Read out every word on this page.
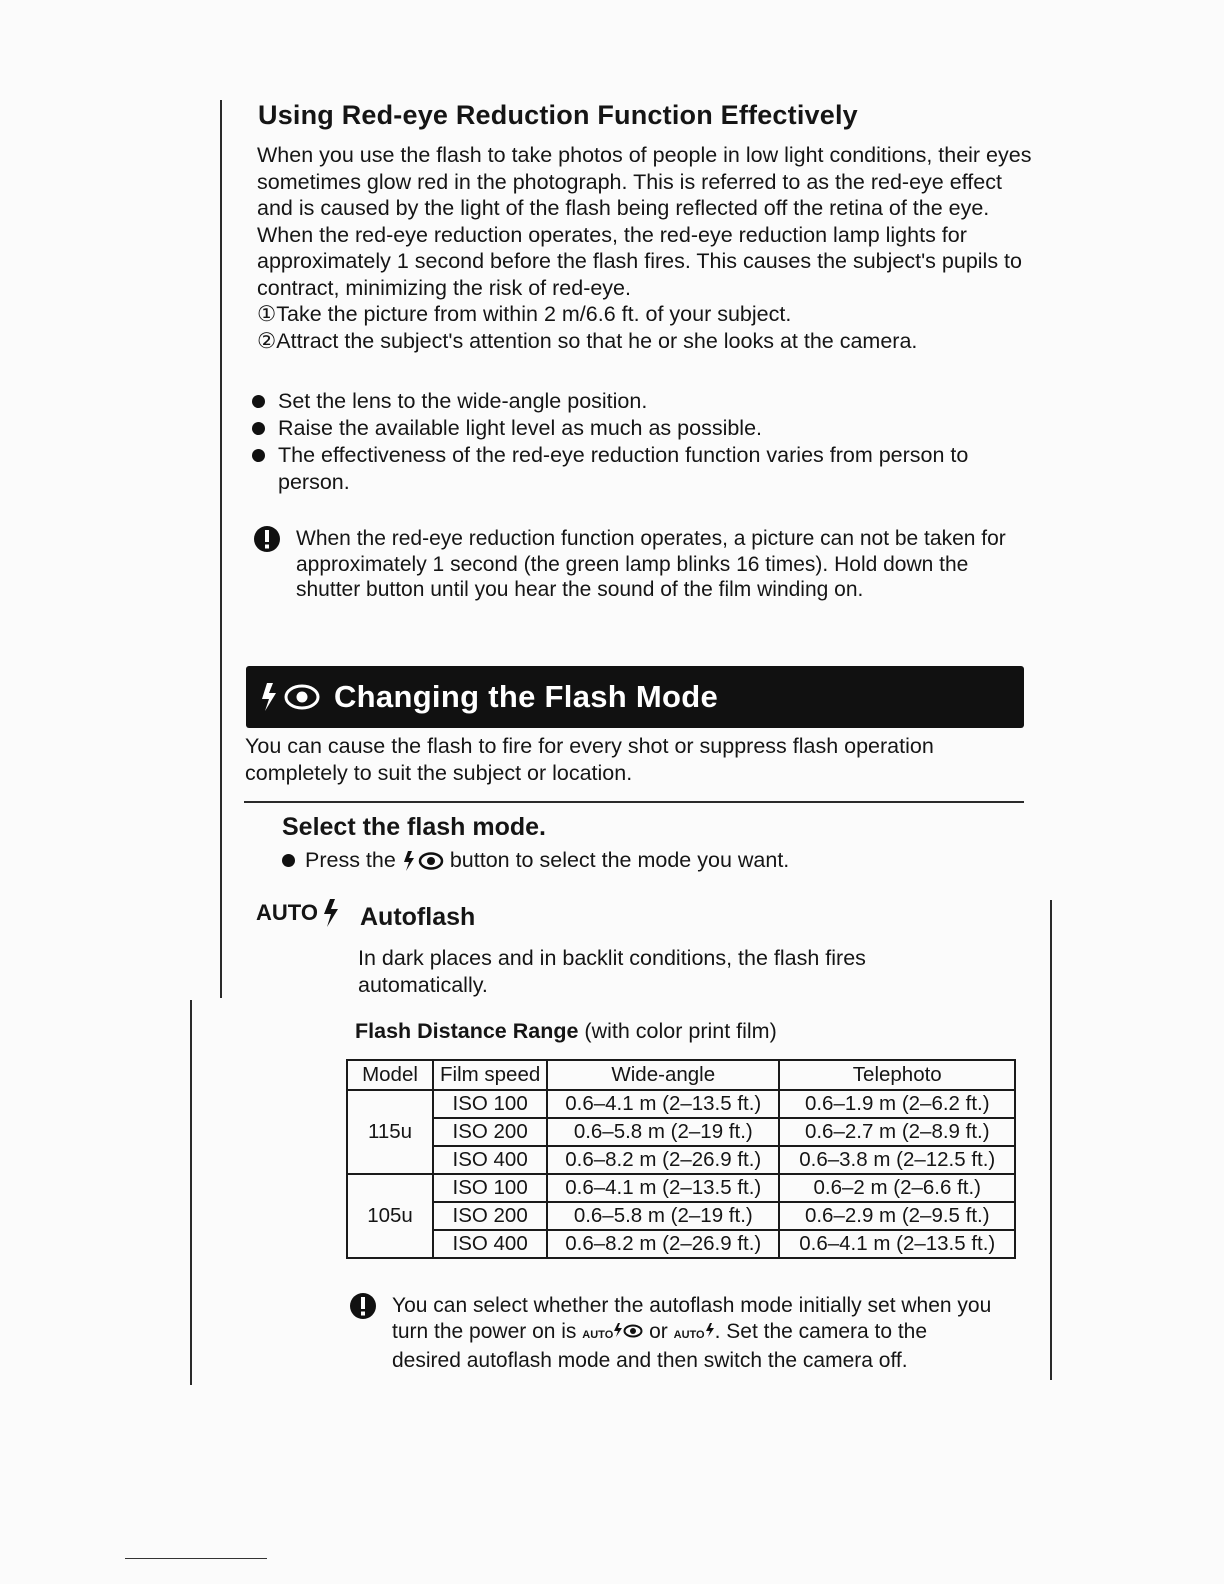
Using Red-eye Reduction Function Effectively

When you use the flash to take photos of people in low light conditions, their eyes sometimes glow red in the photograph. This is referred to as the red-eye effect and is caused by the light of the flash being reflected off the retina of the eye.

When the red-eye reduction operates, the red-eye reduction lamp lights for approximately 1 second before the flash fires. This causes the subject's pupils to contract, minimizing the risk of red-eye.

①Take the picture from within 2 m/6.6 ft. of your subject.

②Attract the subject's attention so that he or she looks at the camera.

Set the lens to the wide-angle position.
Raise the available light level as much as possible.
The effectiveness of the red-eye reduction function varies from person to person.
When the red-eye reduction function operates, a picture can not be taken for approximately 1 second (the green lamp blinks 16 times). Hold down the shutter button until you hear the sound of the film winding on.
Changing the Flash Mode
You can cause the flash to fire for every shot or suppress flash operation completely to suit the subject or location.
Select the flash mode.
Press the	button to select the mode you want.
AUTO Autoflash
In dark places and in backlit conditions, the flash fires automatically.
Flash Distance Range (with color print film)
Model	Film speed	Wide-angle	Telephoto
115u	ISO 100	0.6–4.1 m (2–13.5 ft.)	0.6–1.9 m (2–6.2 ft.)
	ISO 200	0.6–5.8 m (2–19 ft.)	0.6–2.7 m (2–8.9 ft.)
	ISO 400	0.6–8.2 m (2–26.9 ft.)	0.6–3.8 m (2–12.5 ft.)
105u	ISO 100	0.6–4.1 m (2–13.5 ft.)	0.6–2 m (2–6.6 ft.)
	ISO 200	0.6–5.8 m (2–19 ft.)	0.6–2.9 m (2–9.5 ft.)
	ISO 400	0.6–8.2 m (2–26.9 ft.)	0.6–4.1 m (2–13.5 ft.)
You can select whether the autoflash mode initially set when you turn the power on is AUTO or AUTO . Set the camera to the desired autoflash mode and then switch the camera off.
